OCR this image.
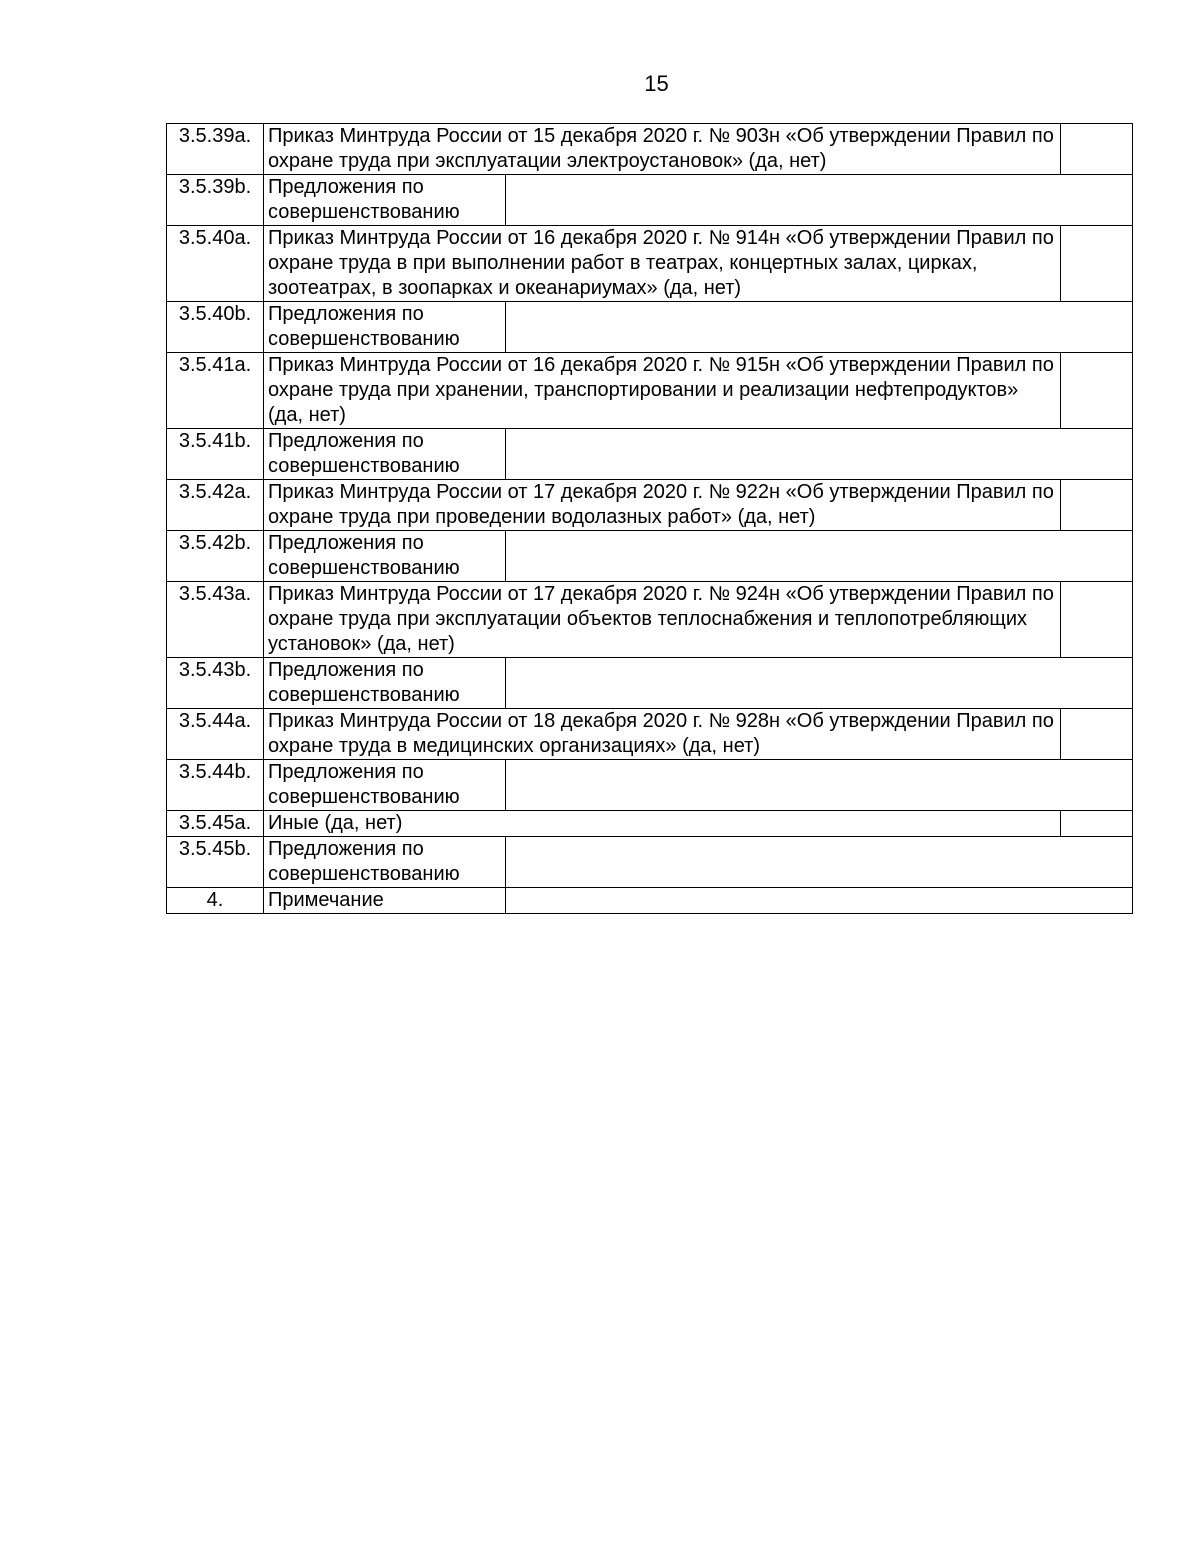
15
3.5.39a.	Приказ Минтруда России от 15 декабря 2020 г. № 903н «Об утверждении Правил по охране труда при эксплуатации электроустановок» (да, нет)		
3.5.39b.	Предложения по совершенствованию		
3.5.40a.	Приказ Минтруда России от 16 декабря 2020 г. № 914н «Об утверждении Правил по охране труда в при выполнении работ в театрах, концертных залах, цирках, зоотеатрах, в зоопарках и океанариумах» (да, нет)		
3.5.40b.	Предложения по совершенствованию		
3.5.41a.	Приказ Минтруда России от 16 декабря 2020 г. № 915н «Об утверждении Правил по охране труда при хранении, транспортировании и реализации нефтепродуктов» (да, нет)		
3.5.41b.	Предложения по совершенствованию		
3.5.42a.	Приказ Минтруда России от 17 декабря 2020 г. № 922н «Об утверждении Правил по охране труда при проведении водолазных работ» (да, нет)		
3.5.42b.	Предложения по совершенствованию		
3.5.43a.	Приказ Минтруда России от 17 декабря 2020 г. № 924н «Об утверждении Правил по охране труда при эксплуатации объектов теплоснабжения и теплопотребляющих установок» (да, нет)		
3.5.43b.	Предложения по совершенствованию		
3.5.44a.	Приказ Минтруда России от 18 декабря 2020 г. № 928н «Об утверждении Правил по охране труда в медицинских организациях» (да, нет)		
3.5.44b.	Предложения по совершенствованию		
3.5.45a.	Иные (да, нет)		
3.5.45b.	Предложения по совершенствованию		
4.	Примечание		
